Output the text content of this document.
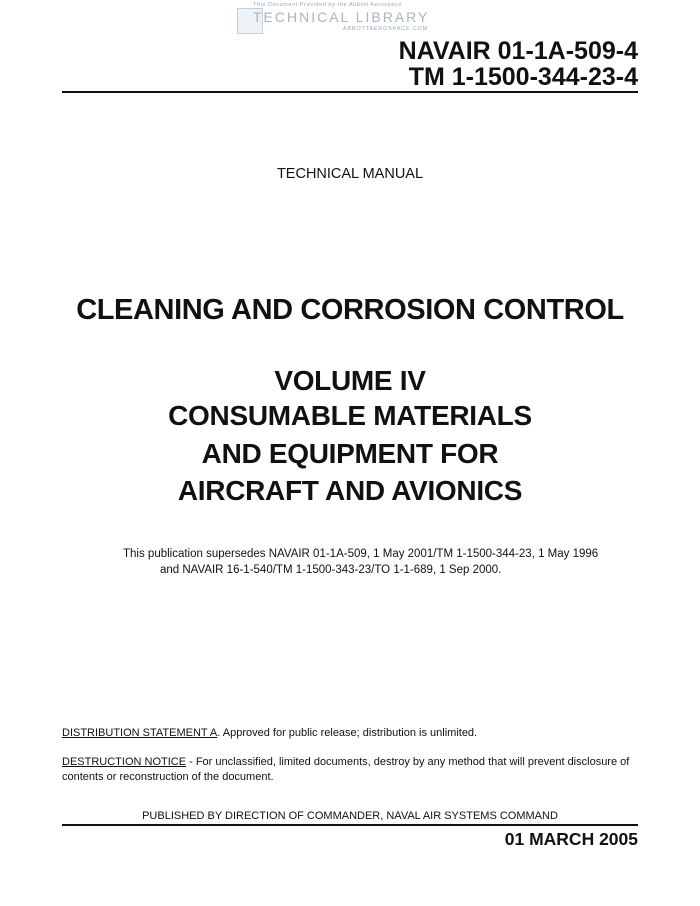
This Document Provided by the Abbott Aerospace
TECHNICAL LIBRARY
ABBOTTAEROSPACE.COM
NAVAIR 01-1A-509-4
TM 1-1500-344-23-4
TECHNICAL MANUAL
CLEANING AND CORROSION CONTROL
VOLUME IV
CONSUMABLE MATERIALS
AND EQUIPMENT FOR
AIRCRAFT AND AVIONICS
This publication supersedes NAVAIR 01-1A-509, 1 May 2001/TM 1-1500-344-23, 1 May 1996
and NAVAIR 16-1-540/TM 1-1500-343-23/TO 1-1-689, 1 Sep 2000.
DISTRIBUTION STATEMENT A. Approved for public release; distribution is unlimited.
DESTRUCTION NOTICE - For unclassified, limited documents, destroy by any method that will prevent disclosure of contents or reconstruction of the document.
PUBLISHED BY DIRECTION OF COMMANDER, NAVAL AIR SYSTEMS COMMAND
01 MARCH 2005
